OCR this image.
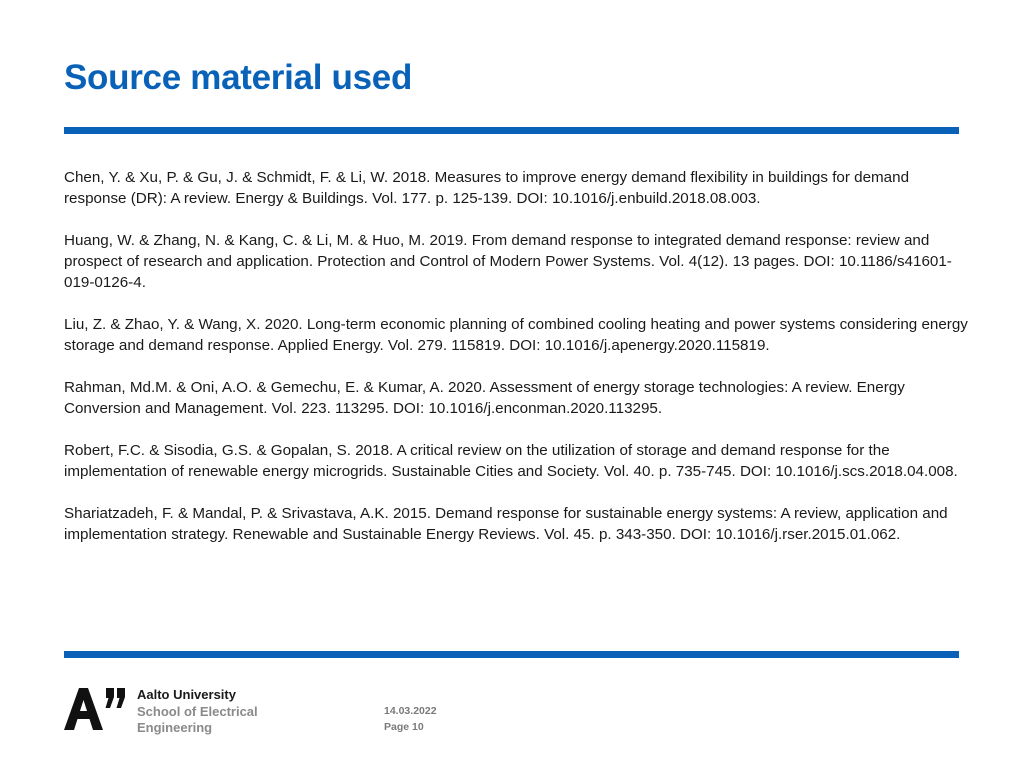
Source material used
Chen, Y. & Xu, P. & Gu, J. & Schmidt, F. & Li, W. 2018. Measures to improve energy demand flexibility in buildings for demand response (DR): A review. Energy & Buildings. Vol. 177. p. 125-139. DOI: 10.1016/j.enbuild.2018.08.003.
Huang, W. & Zhang, N. & Kang, C. & Li, M. & Huo, M. 2019. From demand response to integrated demand response: review and prospect of research and application. Protection and Control of Modern Power Systems. Vol. 4(12). 13 pages. DOI: 10.1186/s41601-019-0126-4.
Liu, Z. & Zhao, Y. & Wang, X. 2020. Long-term economic planning of combined cooling heating and power systems considering energy storage and demand response. Applied Energy. Vol. 279. 115819. DOI: 10.1016/j.apenergy.2020.115819.
Rahman, Md.M. & Oni, A.O. & Gemechu, E. & Kumar, A. 2020. Assessment of energy storage technologies: A review. Energy Conversion and Management. Vol. 223. 113295. DOI: 10.1016/j.enconman.2020.113295.
Robert, F.C. & Sisodia, G.S. & Gopalan, S. 2018. A critical review on the utilization of storage and demand response for the implementation of renewable energy microgrids. Sustainable Cities and Society. Vol. 40. p. 735-745. DOI: 10.1016/j.scs.2018.04.008.
Shariatzadeh, F. & Mandal, P. & Srivastava, A.K. 2015. Demand response for sustainable energy systems: A review, application and implementation strategy. Renewable and Sustainable Energy Reviews. Vol. 45. p. 343-350. DOI: 10.1016/j.rser.2015.01.062.
Aalto University
School of Electrical
Engineering
14.03.2022
Page 10
